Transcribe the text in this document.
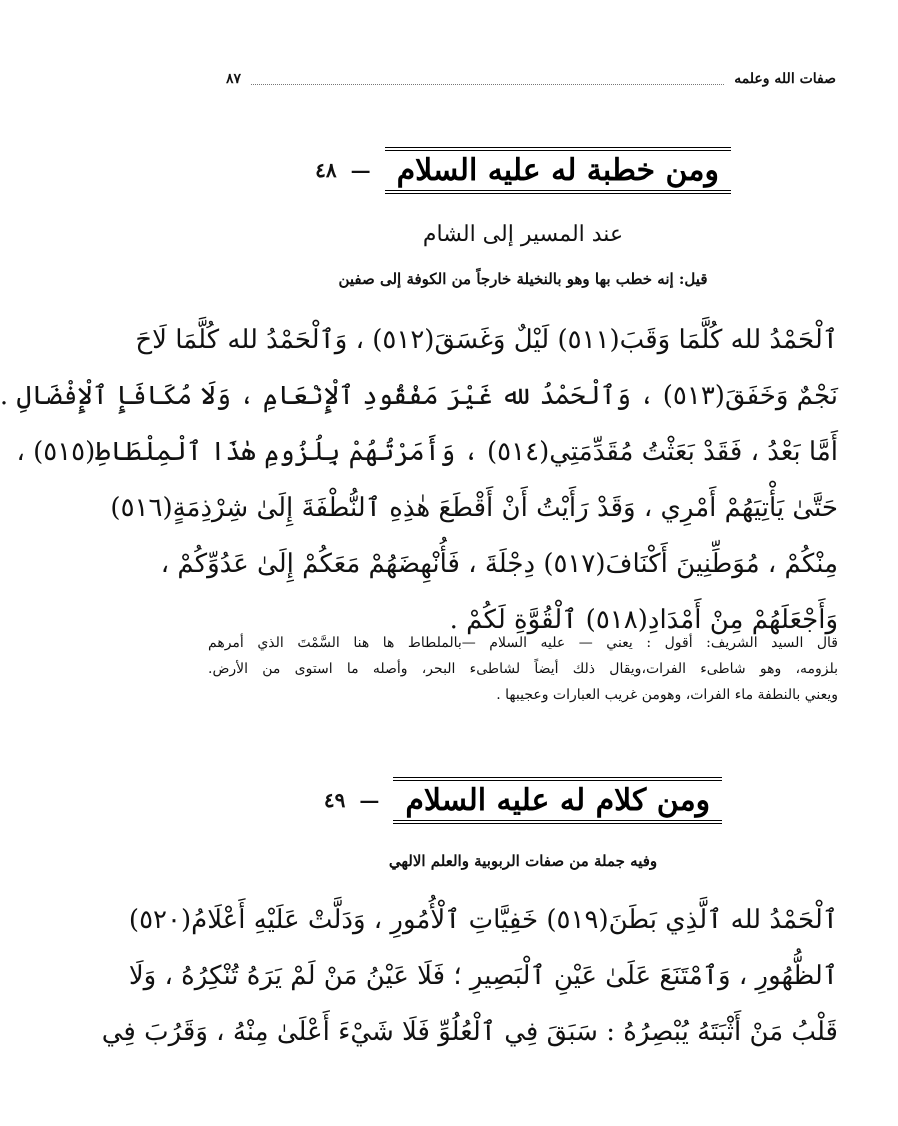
صفات الله وعلمه
٨٧
ومن خطبة له عليه السلام
—
٤٨
عند المسير إلى الشام
قيل: إنه خطب بها وهو بالنخيلة خارجاً من الكوفة إلى صفين
ٱلْحَمْدُ لله كُلَّمَا وَقَبَ(٥١١) لَيْلٌ وَغَسَقَ(٥١٢) ، وَٱلْحَمْدُ لله كُلَّمَا لَاحَ
نَجْمٌ وَخَفَقَ(٥١٣) ، وَٱلْحَمْدُ لله غَيْرَ مَفْقُودِ ٱلْإِنْعَامِ ، وَلَا مُكَافَإِ ٱلْإِفْضَالِ .
أَمَّا بَعْدُ ، فَقَدْ بَعَثْتُ مُقَدِّمَتِي(٥١٤) ، وَأَمَرْتُهُمْ بِلُزُومِ هٰذَا ٱلْمِلْطَاطِ(٥١٥) ،
حَتَّىٰ يَأْتِيَهُمْ أَمْرِي ، وَقَدْ رَأَيْتُ أَنْ أَقْطَعَ هٰذِهِ ٱلنُّطْفَةَ إِلَىٰ شِرْذِمَةٍ(٥١٦)
مِنْكُمْ ، مُوَطِّنِينَ أَكْنَافَ(٥١٧) دِجْلَةَ ، فَأُنْهِضَهُمْ مَعَكُمْ إِلَىٰ عَدُوِّكُمْ ،
وَأَجْعَلَهُمْ مِنْ أَمْدَادِ(٥١٨) ٱلْقُوَّةِ لَكُمْ .
قال السيد الشريف: أقول : يعني — عليه السلام —بالملطاط ها هنا السَّمْتَ الذي أمرهم
بلزومه، وهو شاطىء الفرات،ويقال ذلك أيضاً لشاطىء البحر، وأصله ما استوى من الأرض.
ويعني بالنطفة ماء الفرات، وهومن غريب العبارات وعجيبها .
ومن كلام له عليه السلام
—
٤٩
وفيه جملة من صفات الربوبية والعلم الالهي
ٱلْحَمْدُ لله ٱلَّذِي بَطَنَ(٥١٩) خَفِيَّاتِ ٱلْأُمُورِ ، وَدَلَّتْ عَلَيْهِ أَعْلَامُ(٥٢٠)
ٱلظُّهُورِ ، وَٱمْتَنَعَ عَلَىٰ عَيْنِ ٱلْبَصِيرِ ؛ فَلَا عَيْنُ مَنْ لَمْ يَرَهُ تُنْكِرُهُ ، وَلَا
قَلْبُ مَنْ أَثْبَتَهُ يُبْصِرُهُ : سَبَقَ فِي ٱلْعُلُوِّ فَلَا شَيْءَ أَعْلَىٰ مِنْهُ ، وَقَرُبَ فِي
